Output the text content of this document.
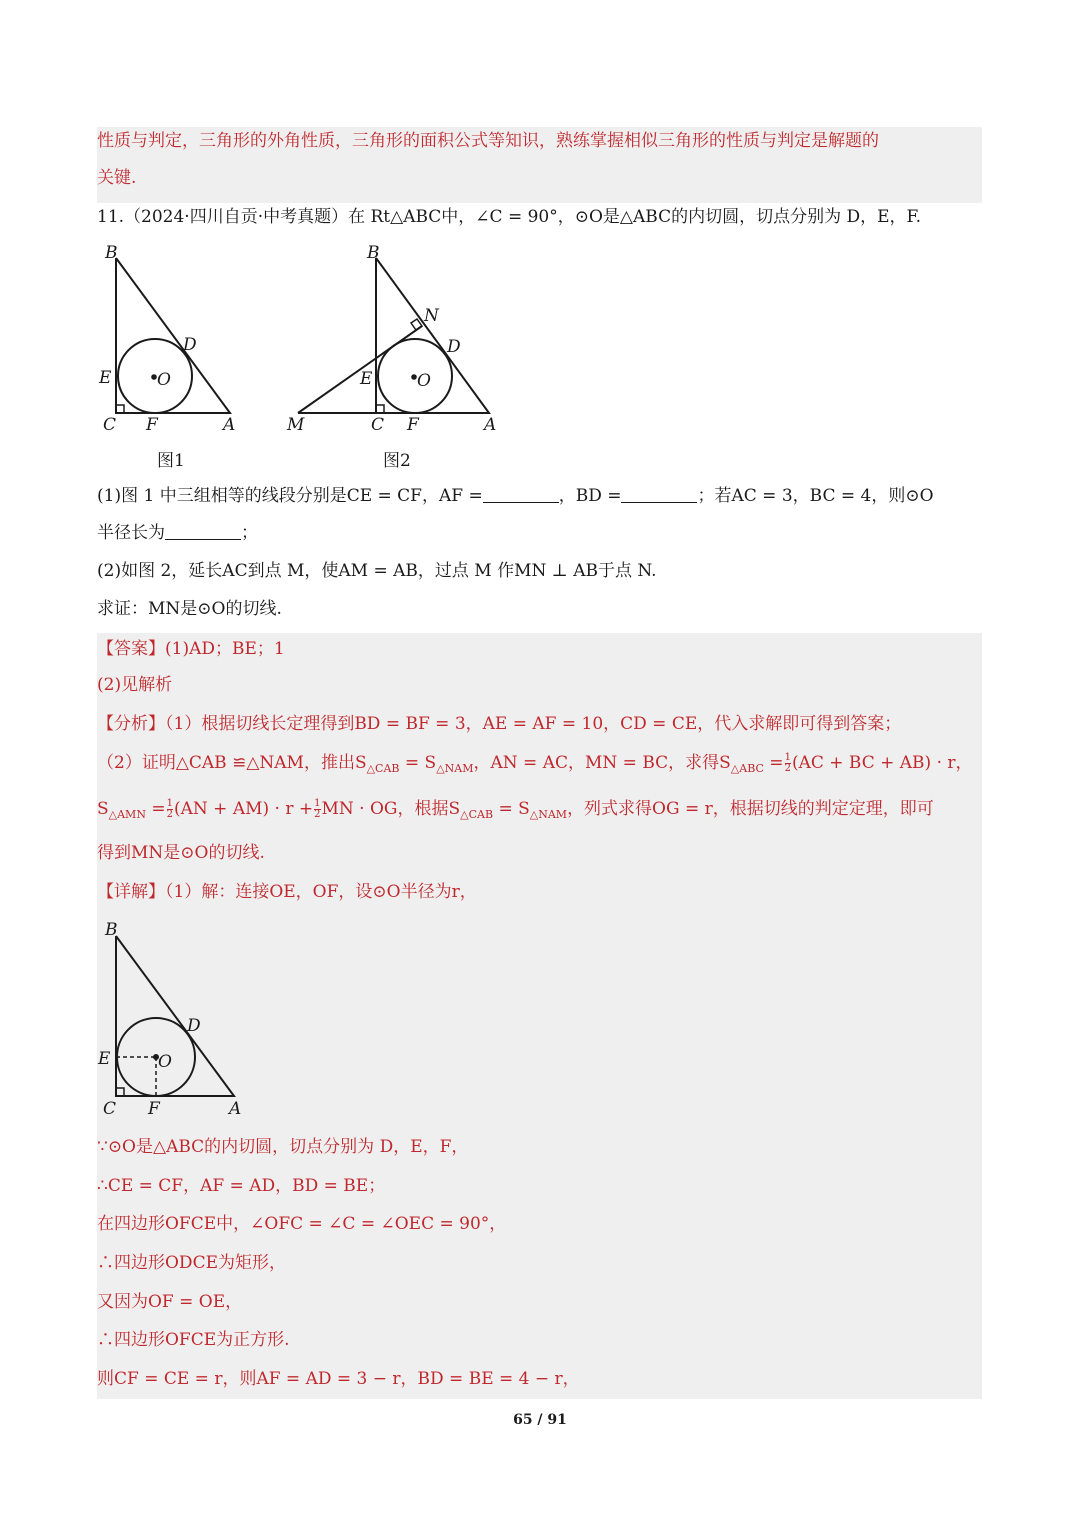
性质与判定，三角形的外角性质，三角形的面积公式等知识，熟练掌握相似三角形的性质与判定是解题的
关键.
11.（2024·四川自贡·中考真题）在 Rt△ABC中，∠C = 90°，⊙O是△ABC的内切圆，切点分别为 D，E，F.
B
D
E	O
C F	A
B
N
D
E	O
M	C F	A
图1	图2
(1)图 1 中三组相等的线段分别是CE = CF，AF =	，BD =	；若AC = 3，BC = 4，则⊙O
半径长为	；
(2)如图 2，延长AC到点 M，使AM = AB，过点 M 作MN ⊥ AB于点 N.
求证：MN是⊙O的切线.
【答案】(1)AD；BE；1
(2)见解析
【分析】（1）根据切线长定理得到BD = BF = 3，AE = AF = 10，CD = CE，代入求解即可得到答案；
（2）证明△CAB ≌△NAM，推出$S_{\triangle CAB} = S_{\triangle NAM}$，AN = AC，MN = BC，求得$S_{\triangle ABC} = \frac{1}{2} (AC$ + BC + AB) · r，
$S_{\triangle AMN} = \frac{1}{2} (AN + AM) \cdot r + \frac{1}{2}$ MN · OG，根据$S_{\triangle CAB} = S_{\triangle NAM}$，列式求得OG = r，根据切线的判定定理，即可
得到MN是⊙O的切线.
【详解】（1）解：连接OE，OF，设⊙O半径为r，
B
D
E	O
C F	A
∵⊙O是△ABC的内切圆，切点分别为 D，E，F，
∴CE = CF，AF = AD，BD = BE；
在四边形OFCE中，∠OFC = ∠C = ∠OEC = 90°，
∴四边形ODCE为矩形，
又因为OF = OE，
∴四边形OFCE为正方形.
则CF = CE = r，则AF = AD = 3 − r，BD = BE = 4 − r，
65 / 91
